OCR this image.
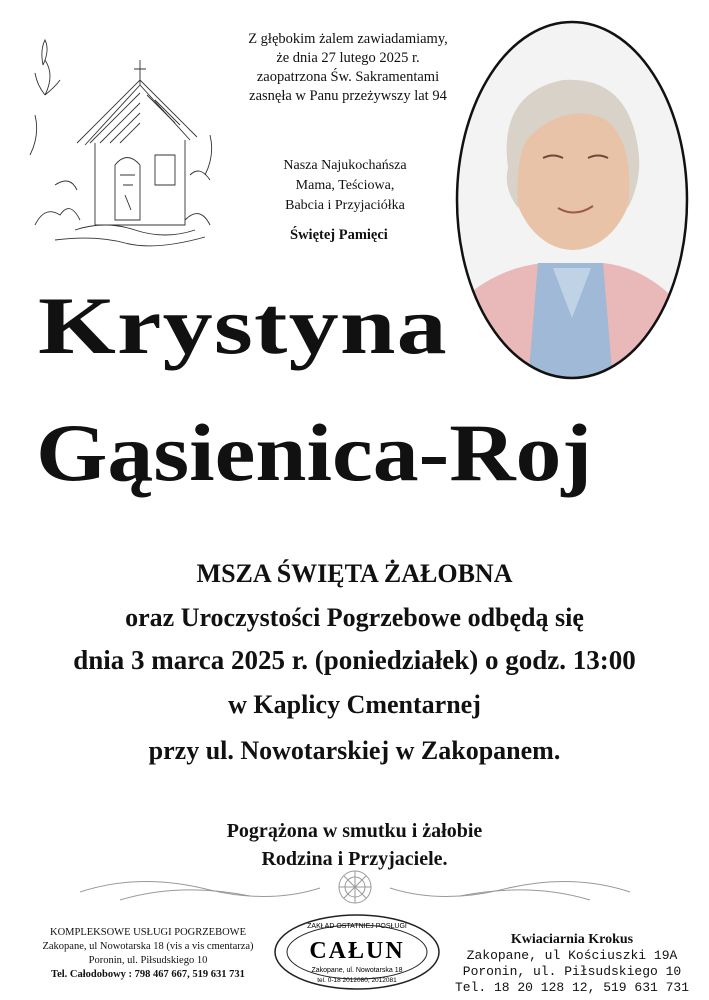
Z głębokim żalem zawiadamiamy,
że dnia 27 lutego 2025 r.
zaopatrzona Św. Sakramentami
zasnęła w Panu przeżywszy lat 94
Nasza Najukochańsza
Mama, Teściowa,
Babcia i Przyjaciółka
Świętej Pamięci
Krystyna
Gąsienica-Roj
MSZA ŚWIĘTA ŻAŁOBNA
oraz Uroczystości Pogrzebowe odbędą się
dnia 3 marca 2025 r. (poniedziałek) o godz. 13:00
w Kaplicy Cmentarnej
przy ul. Nowotarskiej w Zakopanem.
Pogrążona w smutku i żałobie
Rodzina i Przyjaciele.
KOMPLEKSOWE USŁUGI POGRZEBOWE
Zakopane, ul Nowotarska 18 (vis a vis cmentarza)
Poronin, ul. Piłsudskiego 10
Tel. Całodobowy : 798 467 667, 519 631 731
ZAKŁAD OSTATNIEJ POSŁUGI
CAŁUN
Zakopane, ul. Nowotarska 18
tel. 0-18 2012080, 2012081
Kwiaciarnia Krokus
Zakopane, ul Kościuszki 19A
Poronin, ul. Piłsudskiego 10
Tel. 18 20 128 12, 519 631 731
